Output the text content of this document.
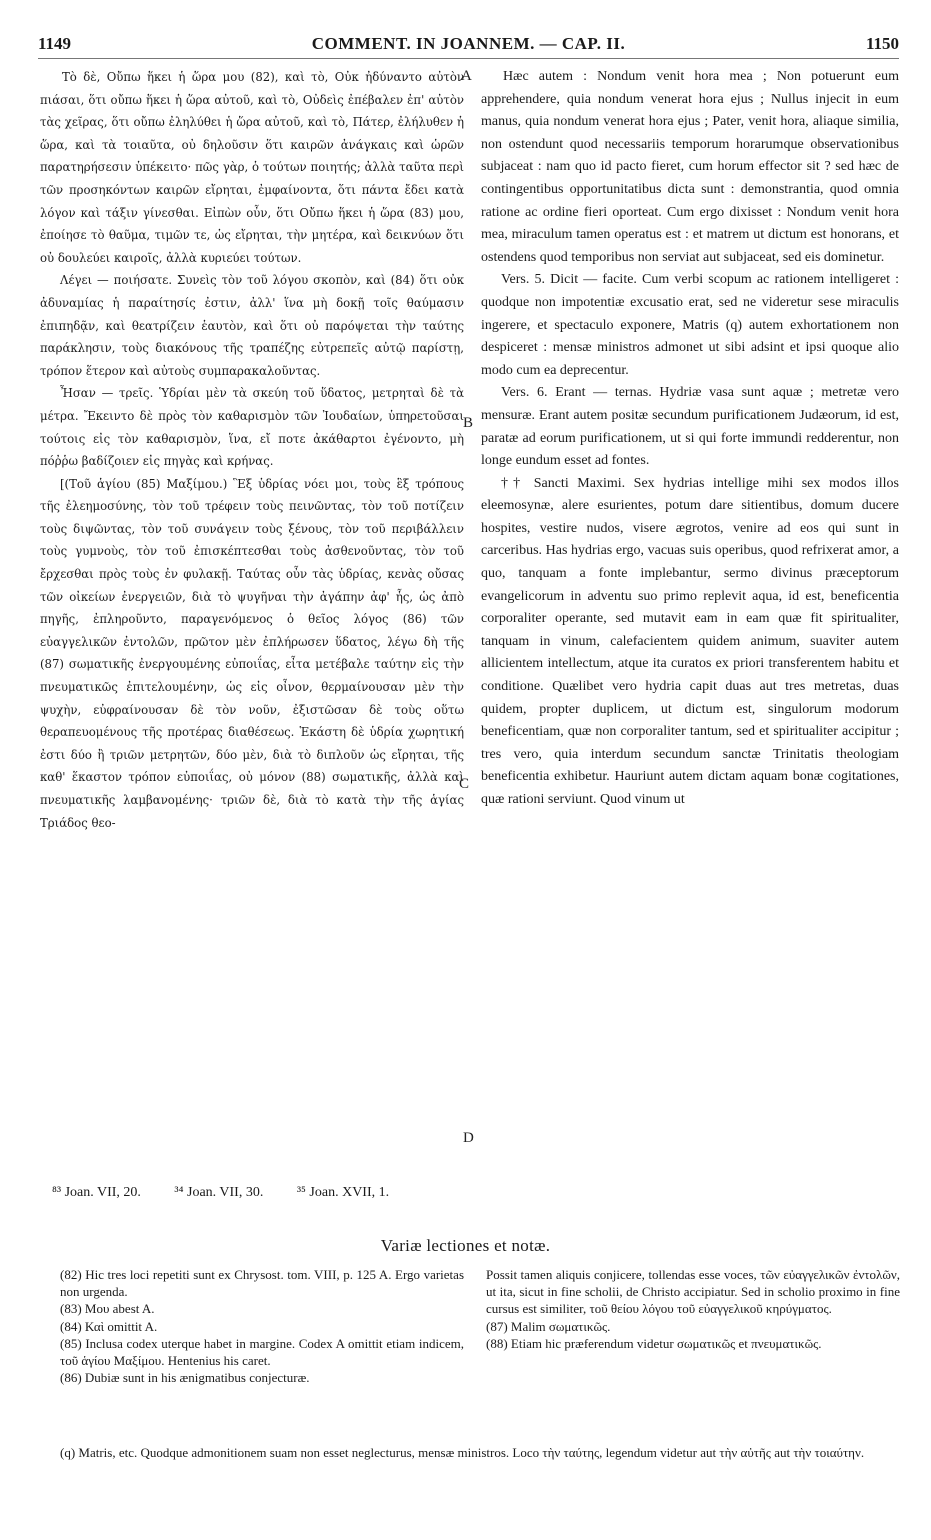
1149	COMMENT. IN JOANNEM. — CAP. II.	1150

Τὸ δὲ, Οὔπω ἥκει ἡ ὥρα μου (82), καὶ τὸ, Οὐκ ἠδύναντο αὐτὸν πιάσαι, ὅτι οὔπω ἥκει ἡ ὥρα αὐτοῦ, καὶ τὸ, Οὐδεὶς ἐπέβαλεν ἐπ' αὐτὸν τὰς χεῖρας, ὅτι οὔπω ἐληλύθει ἡ ὥρα αὐτοῦ, καὶ τὸ, Πάτερ, ἐλήλυθεν ἡ ὥρα, καὶ τὰ τοιαῦτα, οὐ δηλοῦσιν ὅτι καιρῶν ἀνάγκαις καὶ ὡρῶν παρατηρήσεσιν ὑπέκειτο· πῶς γὰρ, ὁ τούτων ποιητής; ἀλλὰ ταῦτα περὶ τῶν προσηκόντων καιρῶν εἴρηται, ἐμφαίνοντα, ὅτι πάντα ἔδει κατὰ λόγον καὶ τάξιν γίνεσθαι. Εἰπὼν οὖν, ὅτι Οὔπω ἥκει ἡ ὥρα (83) μου, ἐποίησε τὸ θαῦμα, τιμῶν τε, ὡς εἴρηται, τὴν μητέρα, καὶ δεικνύων ὅτι οὐ δουλεύει καιροῖς, ἀλλὰ κυριεύει τούτων.

Λέγει — ποιήσατε. Συνεὶς τὸν τοῦ λόγου σκοπὸν, καὶ (84) ὅτι οὐκ ἀδυναμίας ἡ παραίτησίς ἐστιν, ἀλλ' ἵνα μὴ δοκῇ τοῖς θαύμασιν ἐπιπηδᾷν, καὶ θεατρίζειν ἑαυτὸν, καὶ ὅτι οὐ παρόψεται τὴν ταύτης παράκλησιν, τοὺς διακόνους τῆς τραπέζης εὐτρεπεῖς αὐτῷ παρίστῃ, τρόπον ἕτερον καὶ αὐτοὺς συμπαρακαλοῦντας.

Ἦσαν — τρεῖς. Ὑδρίαι μὲν τὰ σκεύη τοῦ ὕδατος, μετρηταὶ δὲ τὰ μέτρα. Ἔκειντο δὲ πρὸς τὸν καθαρισμὸν τῶν Ἰουδαίων, ὑπηρετοῦσαι τούτοις εἰς τὸν καθαρισμὸν, ἵνα, εἴ ποτε ἀκάθαρτοι ἐγένοντο, μὴ πόῤῥω βαδίζοιεν εἰς πηγὰς καὶ κρήνας.

[(Τοῦ ἁγίου (85) Μαξίμου.) Ἓξ ὑδρίας νόει μοι, τοὺς ἓξ τρόπους τῆς ἐλεημοσύνης, τὸν τοῦ τρέφειν τοὺς πεινῶντας, τὸν τοῦ ποτίζειν τοὺς διψῶντας, τὸν τοῦ συνάγειν τοὺς ξένους, τὸν τοῦ περιβάλλειν τοὺς γυμνοὺς, τὸν τοῦ ἐπισκέπτεσθαι τοὺς ἀσθενοῦντας, τὸν τοῦ ἔρχεσθαι πρὸς τοὺς ἐν φυλακῇ. Ταύτας οὖν τὰς ὑδρίας, κενὰς οὔσας τῶν οἰκείων ἐνεργειῶν, διὰ τὸ ψυγῆναι τὴν ἀγάπην ἀφ' ἧς, ὡς ἀπὸ πηγῆς, ἐπληροῦντο, παραγενόμενος ὁ θεῖος λόγος (86) τῶν εὐαγγελικῶν ἐντολῶν, πρῶτον μὲν ἐπλήρωσεν ὕδατος, λέγω δὴ τῆς (87) σωματικῆς ἐνεργουμένης εὐποιΐας, εἶτα μετέβαλε ταύτην εἰς τὴν πνευματικῶς ἐπιτελουμένην, ὡς εἰς οἶνον, θερμαίνουσαν μὲν τὴν ψυχὴν, εὐφραίνουσαν δὲ τὸν νοῦν, ἐξιστῶσαν δὲ τοὺς οὕτω θεραπευομένους τῆς προτέρας διαθέσεως. Ἑκάστη δὲ ὑδρία χωρητική ἐστι δύο ἢ τριῶν μετρητῶν, δύο μὲν, διὰ τὸ διπλοῦν ὡς εἴρηται, τῆς καθ' ἕκαστον τρόπον εὐποιΐας, οὐ μόνον (88) σωματικῆς, ἀλλὰ καὶ πνευματικῆς λαμβανομένης· τριῶν δὲ, διὰ τὸ κατὰ τὴν τῆς ἁγίας Τριάδος θεο-

A
B
C
D

Hæc autem : Nondum venit hora mea ; Non potuerunt eum apprehendere, quia nondum venerat hora ejus ; Nullus injecit in eum manus, quia nondum venerat hora ejus ; Pater, venit hora, aliaque similia, non ostendunt quod necessariis temporum horarumque observationibus subjaceat : nam quo id pacto fieret, cum horum effector sit ? sed hæc de contingentibus opportunitatibus dicta sunt : demonstrantia, quod omnia ratione ac ordine fieri oporteat. Cum ergo dixisset : Nondum venit hora mea, miraculum tamen operatus est : et matrem ut dictum est honorans, et ostendens quod temporibus non serviat aut subjaceat, sed eis dominetur.

Vers. 5. Dicit — facite. Cum verbi scopum ac rationem intelligeret : quodque non impotentiæ excusatio erat, sed ne videretur sese miraculis ingerere, et spectaculo exponere, Matris (q) autem exhortationem non despiceret : mensæ ministros admonet ut sibi adsint et ipsi quoque alio modo cum ea deprecentur.

Vers. 6. Erant — ternas. Hydriæ vasa sunt aquæ ; metretæ vero mensuræ. Erant autem positæ secundum purificationem Judæorum, id est, paratæ ad eorum purificationem, ut si qui forte immundi redderentur, non longe eundum esset ad fontes.

†† Sancti Maximi. Sex hydrias intellige mihi sex modos illos eleemosynæ, alere esurientes, potum dare sitientibus, domum ducere hospites, vestire nudos, visere ægrotos, venire ad eos qui sunt in carceribus. Has hydrias ergo, vacuas suis operibus, quod refrixerat amor, a quo, tanquam a fonte implebantur, sermo divinus præceptorum evangelicorum in adventu suo primo replevit aqua, id est, beneficentia corporaliter operante, sed mutavit eam in eam quæ fit spiritualiter, tanquam in vinum, calefacientem quidem animum, suaviter autem allicientem intellectum, atque ita curatos ex priori transferentem habitu et conditione. Quælibet vero hydria capit duas aut tres metretas, duas quidem, propter duplicem, ut dictum est, singulorum modorum beneficentiam, quæ non corporaliter tantum, sed et spiritualiter accipitur ; tres vero, quia interdum secundum sanctæ Trinitatis theologiam beneficentia exhibetur. Hauriunt autem dictam aquam bonæ cogitationes, quæ rationi serviunt. Quod vinum ut

⁸³ Joan. VII, 20. ³⁴ Joan. VII, 30. ³⁵ Joan. XVII, 1.
Variæ lectiones et notæ.

(82) Hic tres loci repetiti sunt ex Chrysost. tom. VIII, p. 125 A. Ergo varietas non urgenda.

(83) Μου abest A.

(84) Καὶ omittit A.

(85) Inclusa codex uterque habet in margine. Codex A omittit etiam indicem, τοῦ ἁγίου Μαξίμου. Hentenius his caret.

(86) Dubiæ sunt in his ænigmatibus conjecturæ.

Possit tamen aliquis conjicere, tollendas esse voces, τῶν εὐαγγελικῶν ἐντολῶν, ut ita, sicut in fine scholii, de Christo accipiatur. Sed in scholio proximo in fine cursus est similiter, τοῦ θείου λόγου τοῦ εὐαγγελικοῦ κηρύγματος.

(87) Malim σωματικῶς.

(88) Etiam hic præferendum videtur σωματικῶς et πνευματικῶς.

(q) Matris, etc. Quodque admonitionem suam non esset neglecturus, mensæ ministros. Loco τὴν ταύτης, legendum videtur aut τὴν αὐτῆς aut τὴν τοιαύτην.
